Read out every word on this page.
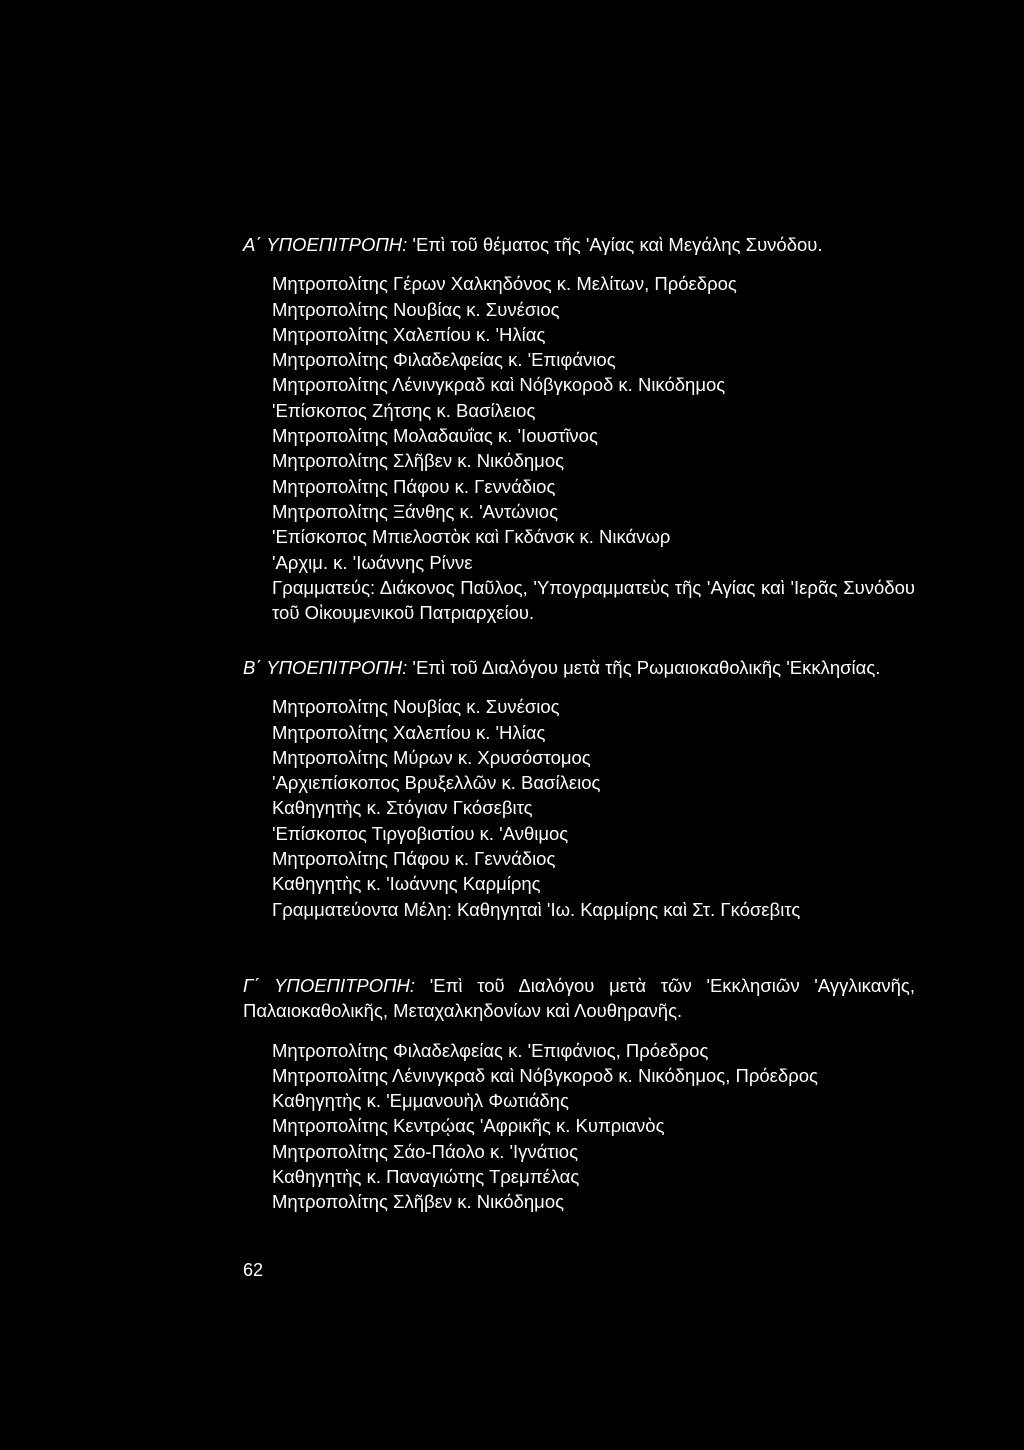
Α΄ ΥΠΟΕΠΙΤΡΟΠΗ: 'Επὶ τοῦ θέματος τῆς 'Αγίας καὶ Μεγάλης Συνόδου.

Μητροπολίτης Γέρων Χαλκηδόνος κ. Μελίτων, Πρόεδρος
Μητροπολίτης Νουβίας κ. Συνέσιος
Μητροπολίτης Χαλεπίου κ. 'Ηλίας
Μητροπολίτης Φιλαδελφείας κ. 'Επιφάνιος
Μητροπολίτης Λένινγκραδ καὶ Νόβγκοροδ κ. Νικόδημος
'Επίσκοπος Ζήτσης κ. Βασίλειος
Μητροπολίτης Μολαδαυΐας κ. 'Ιουστῖνος
Μητροπολίτης Σλῆβεν κ. Νικόδημος
Μητροπολίτης Πάφου κ. Γεννάδιος
Μητροπολίτης Ξάνθης κ. 'Αντώνιος
'Επίσκοπος Μπιελοστὸκ καὶ Γκδάνσκ κ. Νικάνωρ
'Αρχιμ. κ. 'Ιωάννης Ρίννε
Γραμματεύς: Διάκονος Παῦλος, 'Υπογραμματεὺς τῆς 'Αγίας καὶ 'Ιερᾶς Συνόδου τοῦ Οἰκουμενικοῦ Πατριαρχείου.

Β΄ ΥΠΟΕΠΙΤΡΟΠΗ: 'Επὶ τοῦ Διαλόγου μετὰ τῆς Ρωμαιοκαθολικῆς 'Εκκλησίας.

Μητροπολίτης Νουβίας κ. Συνέσιος
Μητροπολίτης Χαλεπίου κ. 'Ηλίας
Μητροπολίτης Μύρων κ. Χρυσόστομος
'Αρχιεπίσκοπος Βρυξελλῶν κ. Βασίλειος
Καθηγητὴς κ. Στόγιαν Γκόσεβιτς
'Επίσκοπος Τιργοβιστίου κ. 'Ανθιμος
Μητροπολίτης Πάφου κ. Γεννάδιος
Καθηγητὴς κ. 'Ιωάννης Καρμίρης
Γραμματεύοντα Μέλη: Καθηγηταὶ 'Ιω. Καρμίρης καὶ Στ. Γκόσεβιτς

Γ΄ ΥΠΟΕΠΙΤΡΟΠΗ: 'Επὶ τοῦ Διαλόγου μετὰ τῶν 'Εκκλησιῶν 'Αγγλικανῆς, Παλαιοκαθολικῆς, Μεταχαλκηδονίων καὶ Λουθηρανῆς.

Μητροπολίτης Φιλαδελφείας κ. 'Επιφάνιος, Πρόεδρος
Μητροπολίτης Λένινγκραδ καὶ Νόβγκοροδ κ. Νικόδημος, Πρόεδρος
Καθηγητὴς κ. 'Εμμανουὴλ Φωτιάδης
Μητροπολίτης Κεντρῴας 'Αφρικῆς κ. Κυπριανὸς
Μητροπολίτης Σάο-Πάολο κ. 'Ιγνάτιος
Καθηγητὴς κ. Παναγιώτης Τρεμπέλας
Μητροπολίτης Σλῆβεν κ. Νικόδημος
62
